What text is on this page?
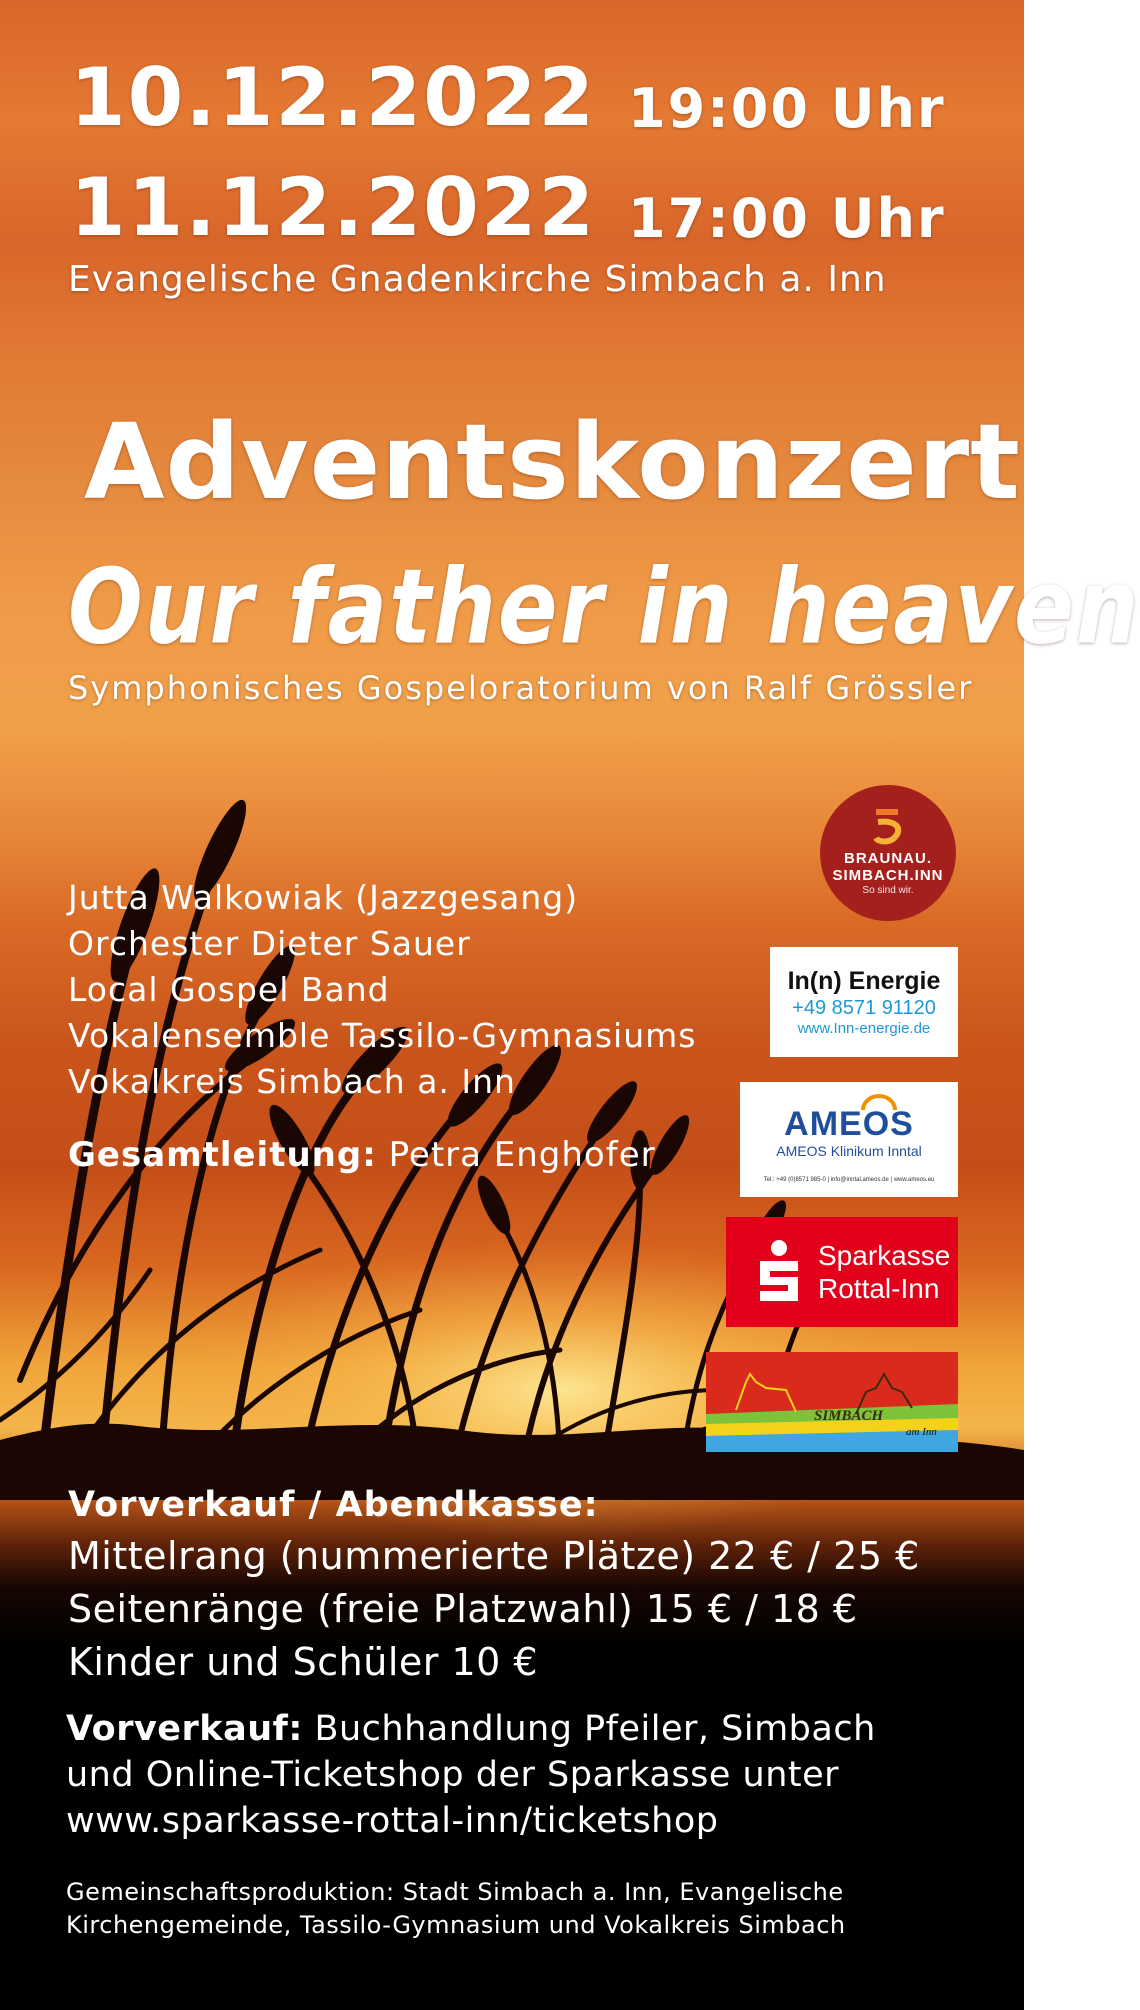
10.12.2022 19:00 Uhr
11.12.2022 17:00 Uhr
Evangelische Gnadenkirche Simbach a. Inn
Adventskonzert
Our father in heaven
Symphonisches Gospeloratorium von Ralf Grössler
Jutta Walkowiak (Jazzgesang)
Orchester Dieter Sauer
Local Gospel Band
Vokalensemble Tassilo-Gymnasiums
Vokalkreis Simbach a. Inn
Gesamtleitung: Petra Enghofer
BRAUNAU.
SIMBACH.INN
So sind wir.
In(n) Energie
+49 8571 91120
www.Inn-energie.de
AMEOS
AMEOS Klinikum Inntal
Tel.: +49 (0)8571 985-0 | info@inntal.ameos.de | www.ameos.eu
Sparkasse
Rottal-Inn
SIMBACH
am Inn
Vorverkauf / Abendkasse:
Mittelrang (nummerierte Plätze) 22 € / 25 €
Seitenränge (freie Platzwahl) 15 € / 18 €
Kinder und Schüler 10 €
Vorverkauf: Buchhandlung Pfeiler, Simbach
und Online-Ticketshop der Sparkasse unter
www.sparkasse-rottal-inn/ticketshop
Gemeinschaftsproduktion: Stadt Simbach a. Inn, Evangelische
Kirchengemeinde, Tassilo-Gymnasium und Vokalkreis Simbach
